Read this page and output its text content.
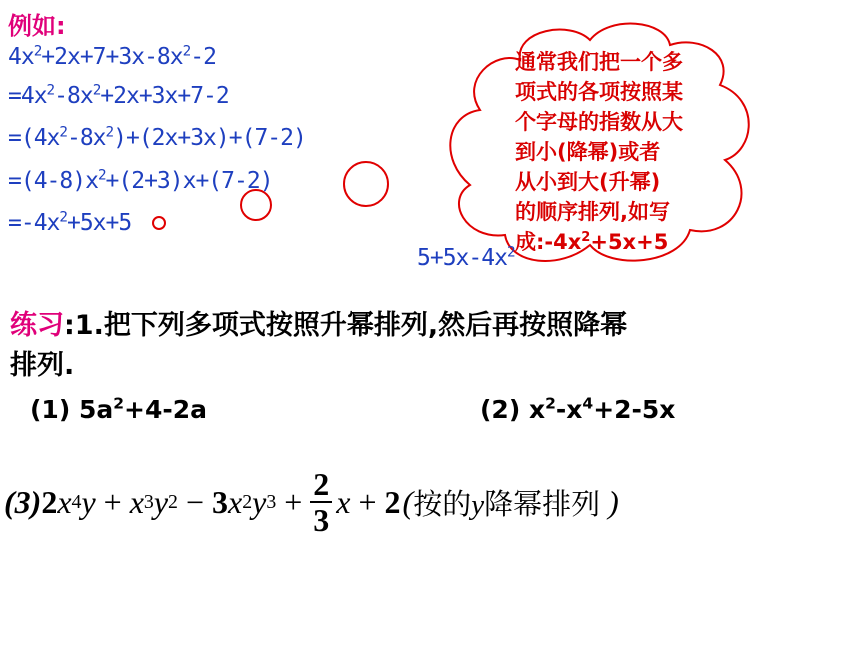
例如:
$4x^2+2x+7+3x-8x^2-2$
$=4x^2-8x^2+2x+3x+7-2$
$=(4x^2-8x^2)+(2x+3x)+(7-2)$
$=(4-8)x^2+(2+3)x+(7-2)$
$=-4x^2+5x+5$
$5+5x-4x^2$
通常我们把一个多
项式的各项按照某
个字母的指数从大
到小(降幂)或者
从小到大(升幂)
的顺序排列,如写
成$:-4x^2+5x+5$
练习:1.把下列多项式按照升幂排列,然后再按照降幂
排列.
(1) $5a^2+4-2a$	(2) $x^2-x^4+2-5x$
(3) 2 x 4 y + x 3 y 2 − 3 x 2 y $3 + \frac{2}{3}$ x + 2 ( 按的y降幂排列 )
